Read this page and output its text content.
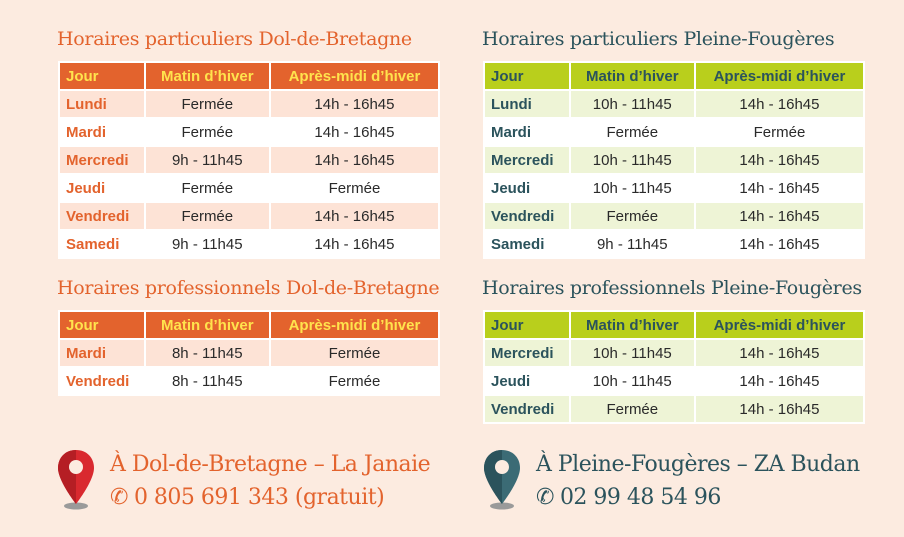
Horaires particuliers Dol-de-Bretagne
Jour	Matin d’hiver	Après-midi d’hiver
Lundi	Fermée	14h - 16h45
Mardi	Fermée	14h - 16h45
Mercredi	9h - 11h45	14h - 16h45
Jeudi	Fermée	Fermée
Vendredi	Fermée	14h - 16h45
Samedi	9h - 11h45	14h - 16h45
Horaires professionnels Dol-de-Bretagne
Jour	Matin d’hiver	Après-midi d’hiver
Mardi	8h - 11h45	Fermée
Vendredi	8h - 11h45	Fermée
Horaires particuliers Pleine-Fougères
Jour	Matin d’hiver	Après-midi d’hiver
Lundi	10h - 11h45	14h - 16h45
Mardi	Fermée	Fermée
Mercredi	10h - 11h45	14h - 16h45
Jeudi	10h - 11h45	14h - 16h45
Vendredi	Fermée	14h - 16h45
Samedi	9h - 11h45	14h - 16h45
Horaires professionnels Pleine-Fougères
Jour	Matin d’hiver	Après-midi d’hiver
Mercredi	10h - 11h45	14h - 16h45
Jeudi	10h - 11h45	14h - 16h45
Vendredi	Fermée	14h - 16h45
À Dol-de-Bretagne – La Janaie
✆ 0 805 691 343 (gratuit)
À Pleine-Fougères – ZA Budan
✆ 02 99 48 54 96
